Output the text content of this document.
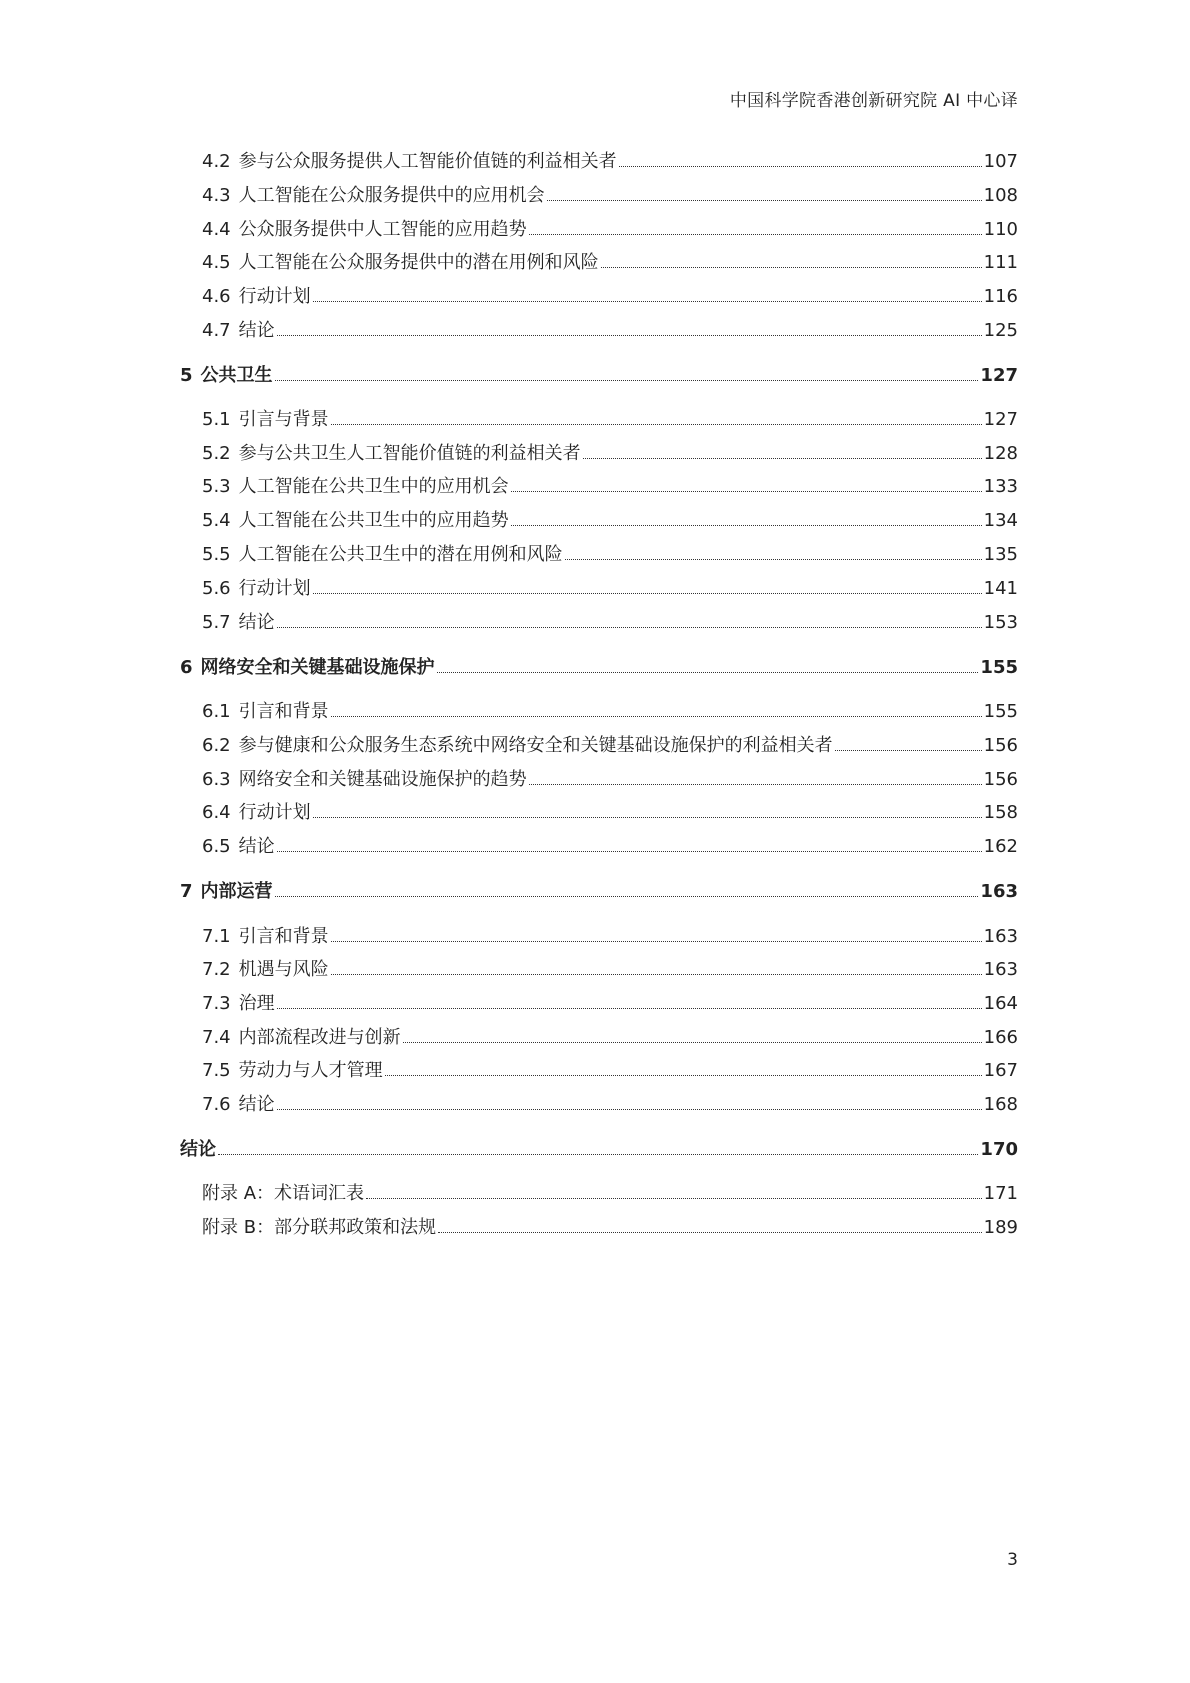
中国科学院香港创新研究院 AI 中心译
4.2 参与公众服务提供人工智能价值链的利益相关者	107
4.3 人工智能在公众服务提供中的应用机会	108
4.4 公众服务提供中人工智能的应用趋势	110
4.5 人工智能在公众服务提供中的潜在用例和风险	111
4.6 行动计划	116
4.7 结论	125
5 公共卫生	127
5.1 引言与背景	127
5.2 参与公共卫生人工智能价值链的利益相关者	128
5.3 人工智能在公共卫生中的应用机会	133
5.4 人工智能在公共卫生中的应用趋势	134
5.5 人工智能在公共卫生中的潜在用例和风险	135
5.6 行动计划	141
5.7 结论	153
6 网络安全和关键基础设施保护	155
6.1 引言和背景	155
6.2 参与健康和公众服务生态系统中网络安全和关键基础设施保护的利益相关者	156
6.3 网络安全和关键基础设施保护的趋势	156
6.4 行动计划	158
6.5 结论	162
7 内部运营	163
7.1 引言和背景	163
7.2 机遇与风险	163
7.3 治理	164
7.4 内部流程改进与创新	166
7.5 劳动力与人才管理	167
7.6 结论	168
结论	170
附录 A：术语词汇表	171
附录 B：部分联邦政策和法规	189
3
